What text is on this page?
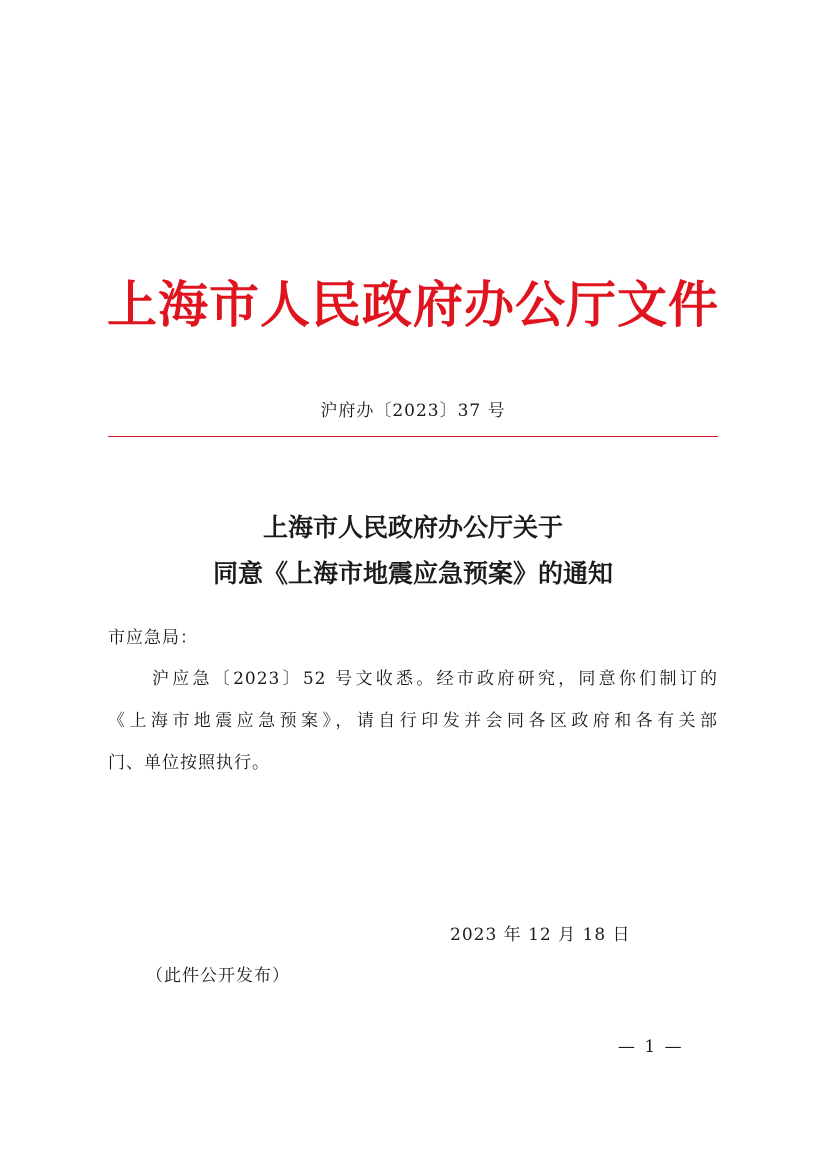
上海市人民政府办公厅文件
沪府办〔2023〕37 号
上海市人民政府办公厅关于
同意《上海市地震应急预案》的通知
市应急局：
沪应急〔2023〕52 号文收悉。经市政府研究，同意你们制订的
《上海市地震应急预案》，请自行印发并会同各区政府和各有关部
门、单位按照执行。
2023 年 12 月 18 日
（此件公开发布）
— 1 —
